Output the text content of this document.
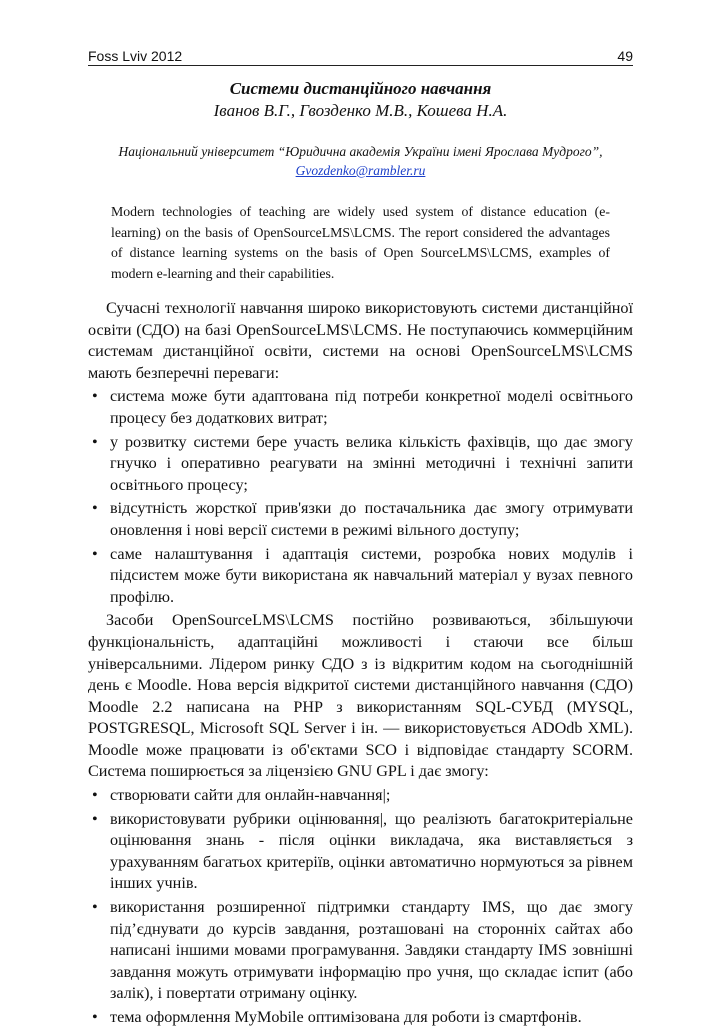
Foss Lviv 2012	49
Системи дистанційного навчання
Іванов В.Г., Гвозденко М.В., Кошева Н.А.
Національний університет “Юридична академія України імені Ярослава Мудрого”, Gvozdenko@rambler.ru
Modern technologies of teaching are widely used system of distance education (e-learning) on the basis of OpenSourceLMS\LCMS. The report considered the advantages of distance learning systems on the basis of Open SourceLMS\LCMS, examples of modern e-learning and their capabilities.

Сучасні технології навчання широко використовують системи дистанційної освіти (СДО) на базі OpenSourceLMS\LCMS. Не поступаючись коммерційним системам дистанційної освіти, системи на основі OpenSourceLMS\LCMS мають безперечні переваги:

• система може бути адаптована під потреби конкретної моделі освітнього процесу без додаткових витрат;
• у розвитку системи бере участь велика кількість фахівців, що дає змогу гнучко і оперативно реагувати на змінні методичні і технічні запити освітнього процесу;
• відсутність жорсткої прив'язки до постачальника дає змогу отримувати оновлення і нові версії системи в режимі вільного доступу;
• саме налаштування і адаптація системи, розробка нових модулів і підсистем може бути використана як навчальний матеріал у вузах певного профілю.

Засоби OpenSourceLMS\LCMS постійно розвиваються, збільшуючи функціональність, адаптаційні можливості і стаючи все більш універсальними. Лідером ринку СДО з із відкритим кодом на сьогоднішній день є Moodle. Нова версія відкритої системи дистанційного навчання (СДО) Moodle 2.2 написана на PHP з використанням SQL-СУБД (MYSQL, POSTGRESQL, Microsoft SQL Server і ін. — використовується ADOdb XML). Moodle може працювати із об'єктами SCO і відповідає стандарту SCORM. Система поширюється за ліцензією GNU GPL і дає змогу:

• створювати сайти для онлайн-навчання|;
• використовувати рубрики оцінювання|, що реалізють багатокритеріальне оцінювання знань - після оцінки викладача, яка виставляється з урахуванням багатьох критеріїв, оцінки автоматично нормуються за рівнем інших учнів.
• використання розширенної підтримки стандарту IMS, що дає змогу під’єднувати до курсів завдання, розташовані на сторонніх сайтах або написані іншими мовами програмування. Завдяки стандарту IMS зовнішні завдання можуть отримувати інформацію про учня, що складає іспит (або залік), і повертати отриману оцінку.
• тема оформлення MyMobile оптимізована для роботи із смартфонів.
